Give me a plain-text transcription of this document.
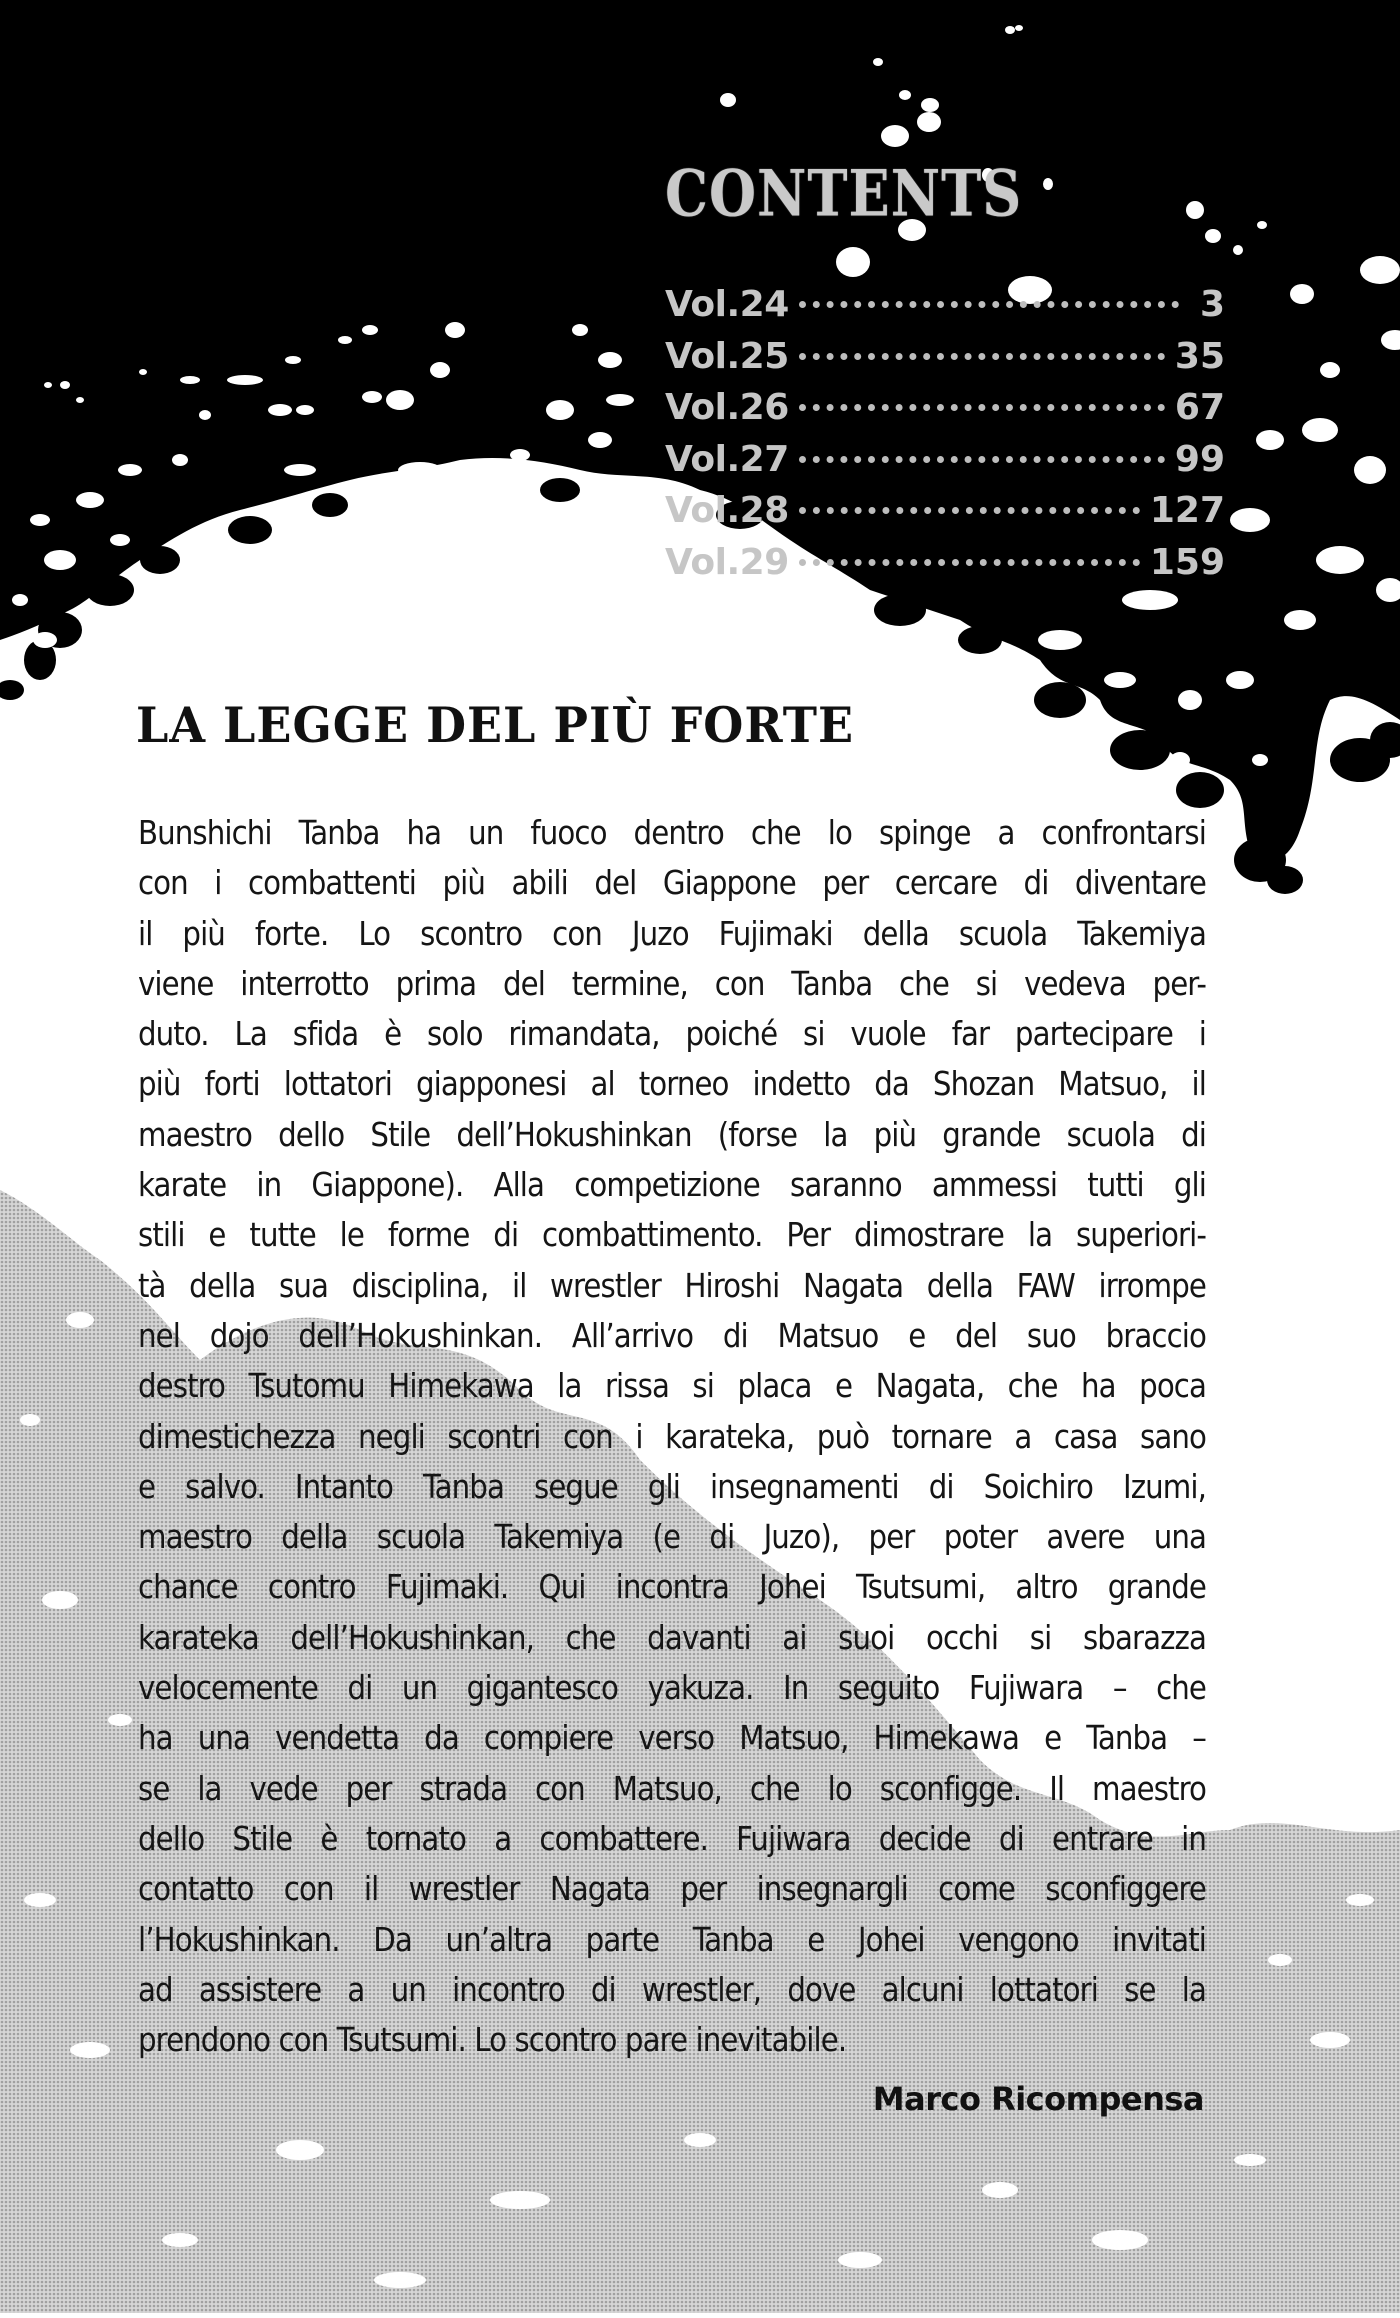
CONTENTS
Vol.24	3
Vol.25	35
Vol.26	67
Vol.27	99
Vol.28	127
Vol.29	159
LA LEGGE DEL PIÙ FORTE
Bunshichi Tanba ha un fuoco dentro che lo spinge a confrontarsi
con i combattenti più abili del Giappone per cercare di diventare
il più forte. Lo scontro con Juzo Fujimaki della scuola Takemiya
viene interrotto prima del termine, con Tanba che si vedeva per-
duto. La sfida è solo rimandata, poiché si vuole far partecipare i
più forti lottatori giapponesi al torneo indetto da Shozan Matsuo, il
maestro dello Stile dell’Hokushinkan (forse la più grande scuola di
karate in Giappone). Alla competizione saranno ammessi tutti gli
stili e tutte le forme di combattimento. Per dimostrare la superiori-
tà della sua disciplina, il wrestler Hiroshi Nagata della FAW irrompe
nel dojo dell’Hokushinkan. All’arrivo di Matsuo e del suo braccio
destro Tsutomu Himekawa la rissa si placa e Nagata, che ha poca
dimestichezza negli scontri con i karateka, può tornare a casa sano
e salvo. Intanto Tanba segue gli insegnamenti di Soichiro Izumi,
maestro della scuola Takemiya (e di Juzo), per poter avere una
chance contro Fujimaki. Qui incontra Johei Tsutsumi, altro grande
karateka dell’Hokushinkan, che davanti ai suoi occhi si sbarazza
velocemente di un gigantesco yakuza. In seguito Fujiwara – che
ha una vendetta da compiere verso Matsuo, Himekawa e Tanba –
se la vede per strada con Matsuo, che lo sconfigge. Il maestro
dello Stile è tornato a combattere. Fujiwara decide di entrare in
contatto con il wrestler Nagata per insegnargli come sconfiggere
l’Hokushinkan. Da un’altra parte Tanba e Johei vengono invitati
ad assistere a un incontro di wrestler, dove alcuni lottatori se la
prendono con Tsutsumi. Lo scontro pare inevitabile.
Marco Ricompensa
